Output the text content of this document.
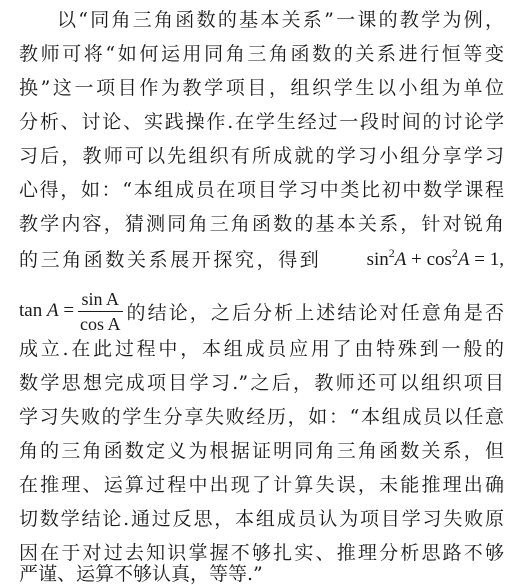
以“同角三角函数的基本关系”一课的教学为例，
教师可将“如何运用同角三角函数的关系进行恒等变
换”这一项目作为教学项目，组织学生以小组为单位
分析、讨论、实践操作.在学生经过一段时间的讨论学
习后，教师可以先组织有所成就的学习小组分享学习
心得，如：“本组成员在项目学习中类比初中数学课程
教学内容，猜测同角三角函数的基本关系，针对锐角
的三角函数关系展开探究，得到 $\sin^2A + \cos^2A = 1$,
$\tan A = \frac{\text{sin A}}{\text{cos A}}$ 的结论，之后分析上述结论对任意角是否
成立.在此过程中，本组成员应用了由特殊到一般的
数学思想完成项目学习.”之后，教师还可以组织项目
学习失败的学生分享失败经历，如：“本组成员以任意
角的三角函数定义为根据证明同角三角函数关系，但
在推理、运算过程中出现了计算失误，未能推理出确
切数学结论.通过反思，本组成员认为项目学习失败原
因在于对过去知识掌握不够扎实、推理分析思路不够
严谨、运算不够认真，等等.”
